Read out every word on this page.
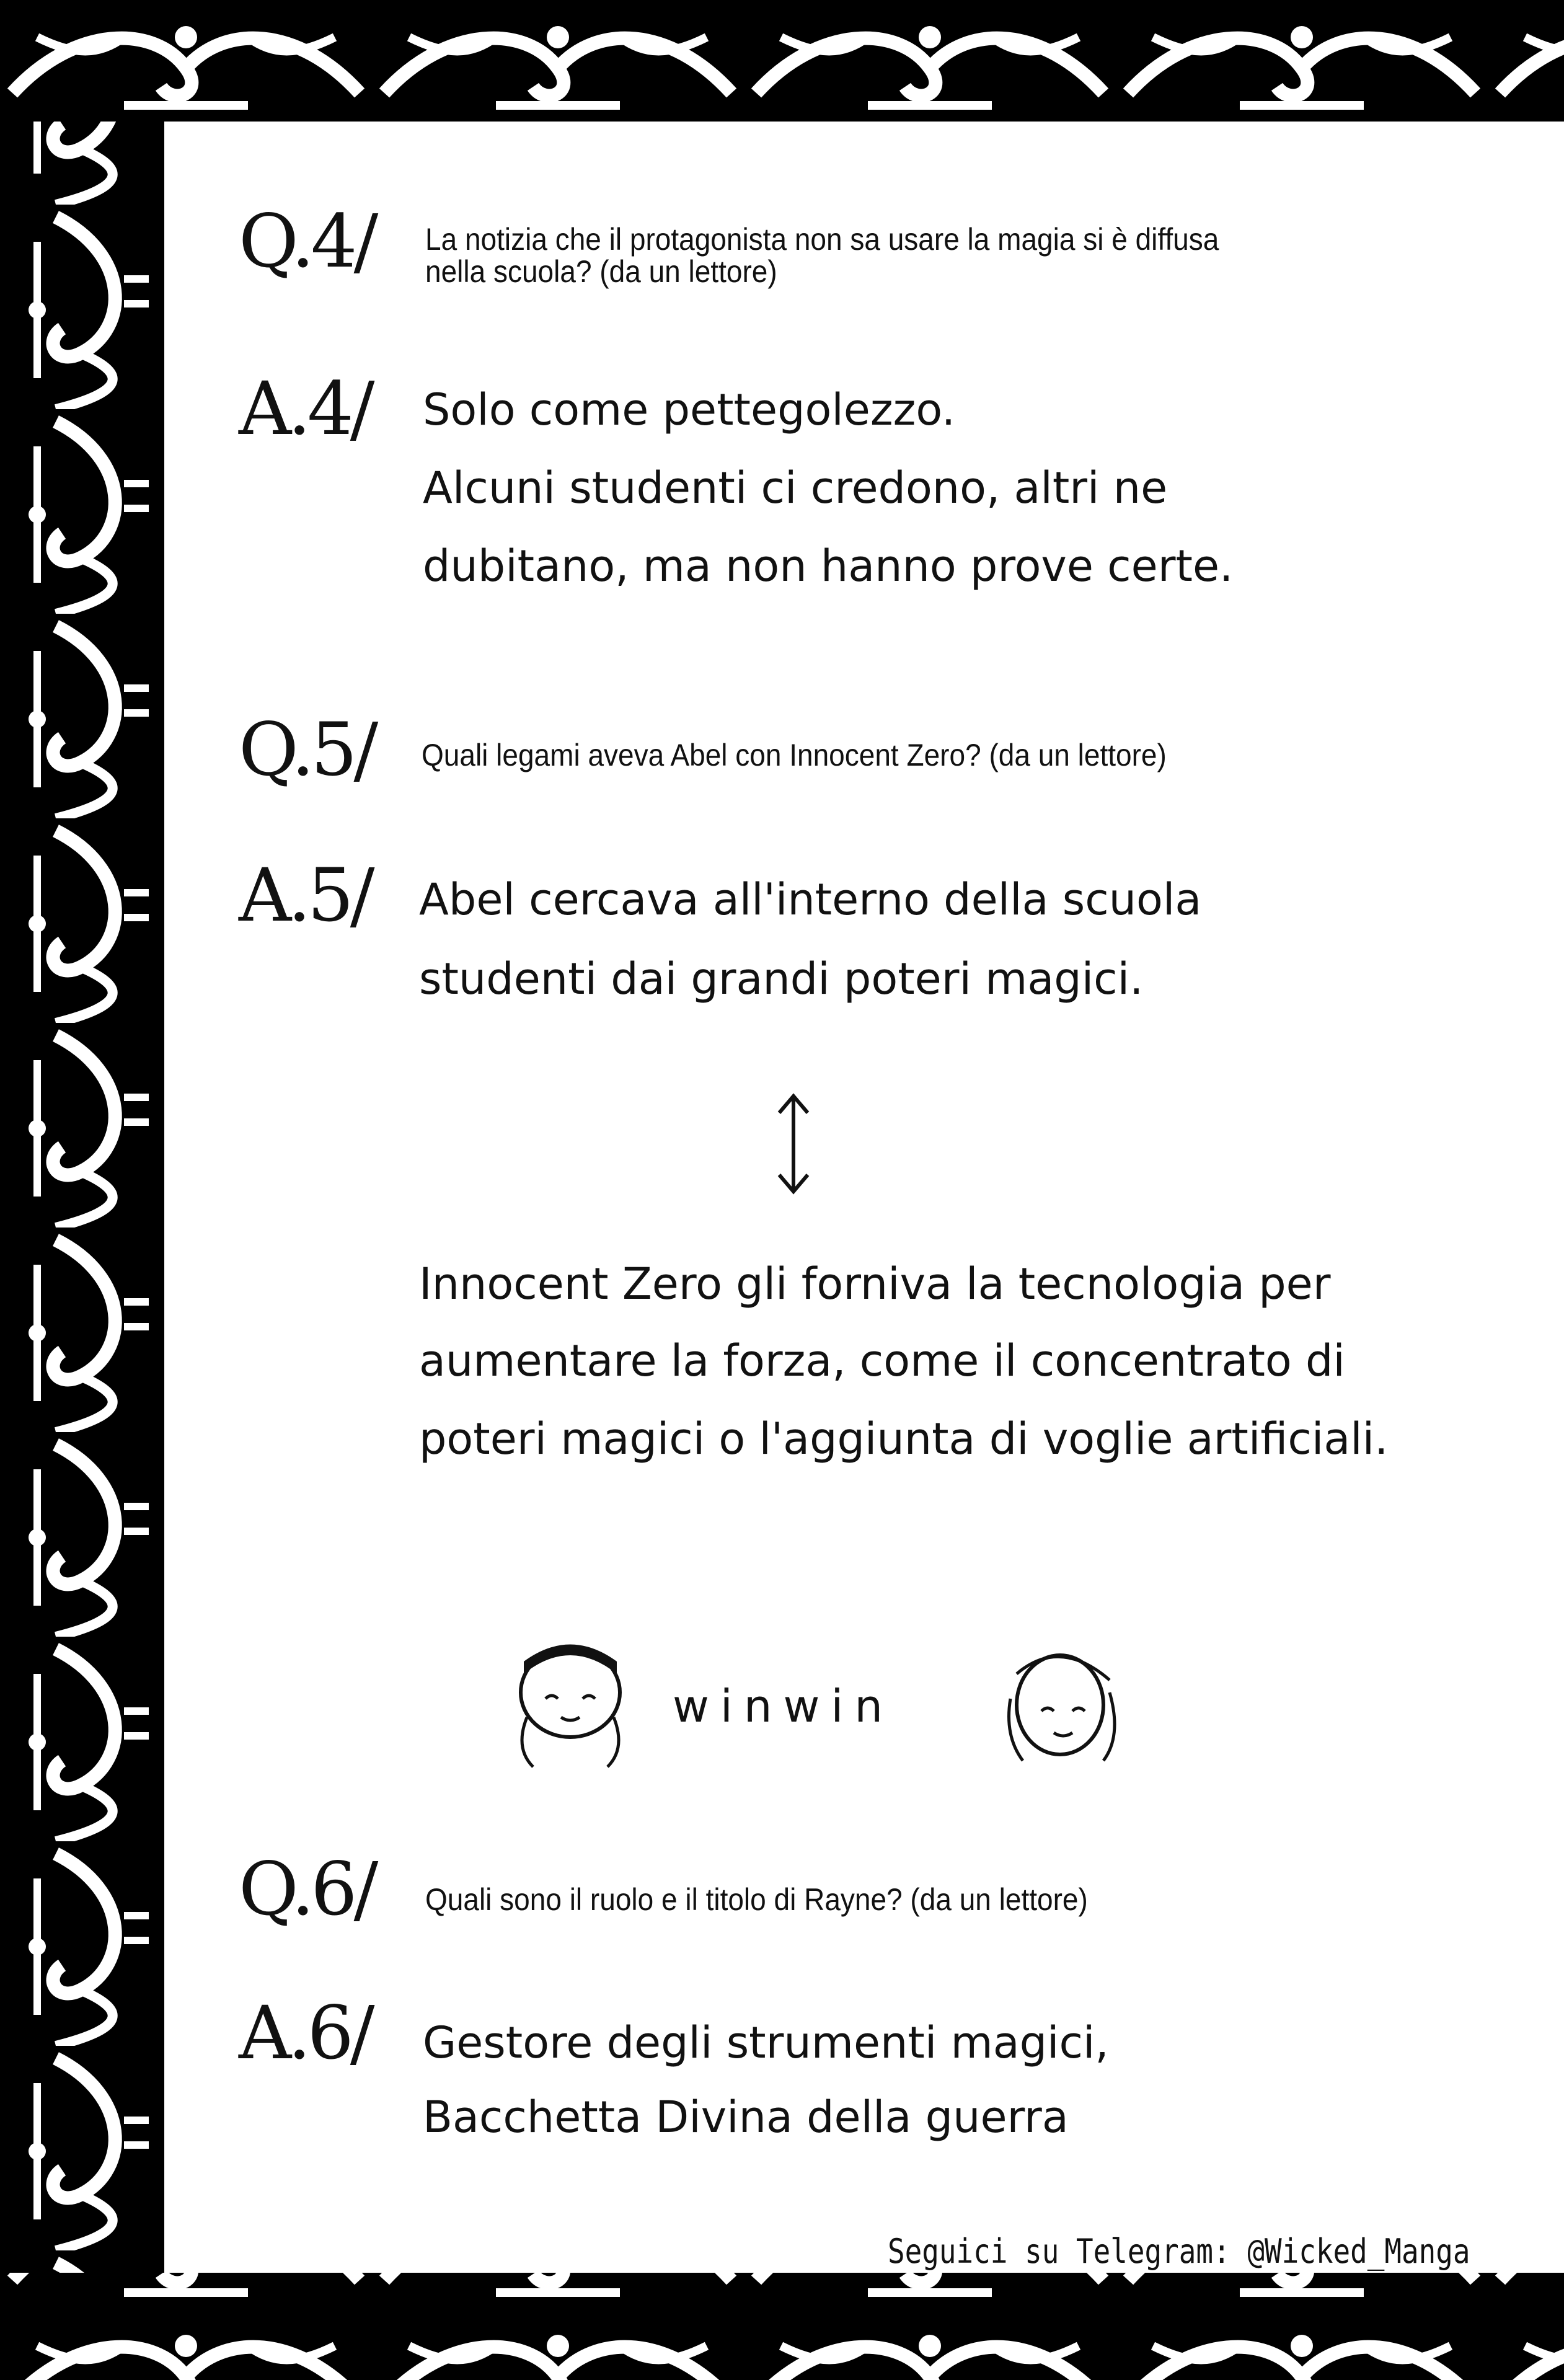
Q.4/ La notizia che il protagonista non sa usare la magia si è diffusa
nella scuola? (da un lettore)
A.4/ Solo come pettegolezzo.
Alcuni studenti ci credono, altri ne
dubitano, ma non hanno prove certe.
Q.5/ Quali legami aveva Abel con Innocent Zero? (da un lettore)
A.5/ Abel cercava all'interno della scuola
studenti dai grandi poteri magici.
Innocent Zero gli forniva la tecnologia per
aumentare la forza, come il concentrato di
poteri magici o l'aggiunta di voglie artificiali.
winwin
Q.6/ Quali sono il ruolo e il titolo di Rayne? (da un lettore)
A.6/ Gestore degli strumenti magici,
Bacchetta Divina della guerra
Seguici su Telegram: @Wicked_Manga
